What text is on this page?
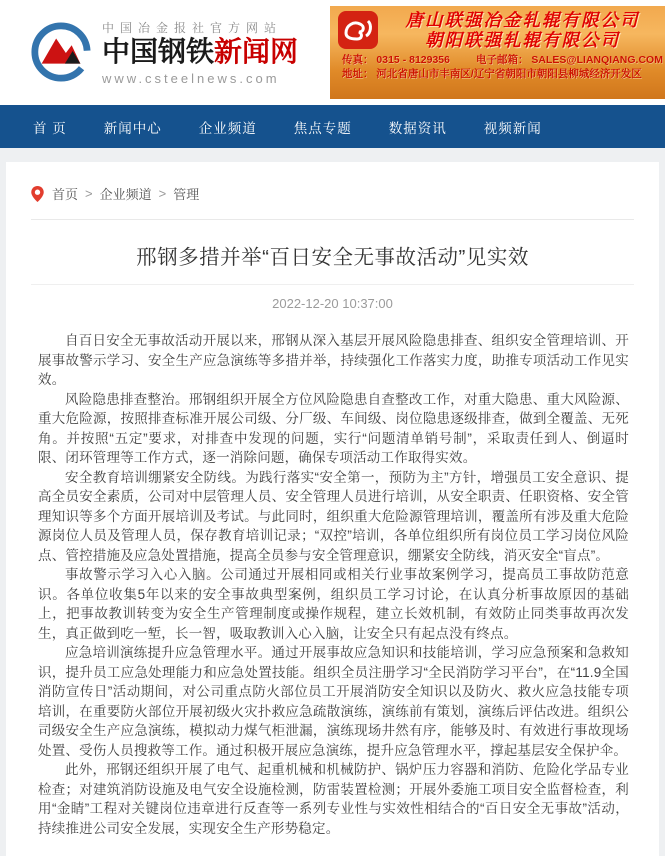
中国冶金报社官方网站
中国钢铁新闻网
www.csteelnews.com
唐山联强冶金轧辊有限公司
朝阳联强轧辊有限公司
传真： 0315 - 8129356 电子邮箱： SALES@LIANQIANG.COM
地址： 河北省唐山市丰南区/辽宁省朝阳市朝阳县柳城经济开发区
首 页	新闻中心	企业频道	焦点专题	数据资讯	视频新闻
首页 > 企业频道 > 管理
邢钢多措并举“百日安全无事故活动”见实效
2022-12-20 10:37:00

自百日安全无事故活动开展以来，邢钢从深入基层开展风险隐患排查、组织安全管理培训、开展事故警示学习、安全生产应急演练等多措并举，持续强化工作落实力度，助推专项活动工作见实效。

风险隐患排查整治。邢钢组织开展全方位风险隐患自查整改工作，对重大隐患、重大风险源、重大危险源，按照排查标准开展公司级、分厂级、车间级、岗位隐患逐级排查，做到全覆盖、无死角。并按照“五定”要求，对排查中发现的问题，实行“问题清单销号制”，采取责任到人、倒逼时限、闭环管理等工作方式，逐一消除问题，确保专项活动工作取得实效。

安全教育培训绷紧安全防线。为践行落实“安全第一，预防为主”方针，增强员工安全意识、提高全员安全素质，公司对中层管理人员、安全管理人员进行培训，从安全职责、任职资格、安全管理知识等多个方面开展培训及考试。与此同时，组织重大危险源管理培训，覆盖所有涉及重大危险源岗位人员及管理人员，保存教育培训记录；“双控”培训，各单位组织所有岗位员工学习岗位风险点、管控措施及应急处置措施，提高全员参与安全管理意识，绷紧安全防线，消灭安全“盲点”。

事故警示学习入心入脑。公司通过开展相同或相关行业事故案例学习，提高员工事故防范意识。各单位收集5年以来的安全事故典型案例，组织员工学习讨论，在认真分析事故原因的基础上，把事故教训转变为安全生产管理制度或操作规程，建立长效机制，有效防止同类事故再次发生，真正做到吃一堑，长一智，吸取教训入心入脑，让安全只有起点没有终点。

应急培训演练提升应急管理水平。通过开展事故应急知识和技能培训，学习应急预案和急救知识，提升员工应急处理能力和应急处置技能。组织全员注册学习“全民消防学习平台”，在“11.9全国消防宣传日”活动期间，对公司重点防火部位员工开展消防安全知识以及防火、救火应急技能专项培训，在重要防火部位开展初级火灾扑救应急疏散演练，演练前有策划，演练后评估改进。组织公司级安全生产应急演练，模拟动力煤气柜泄漏，演练现场井然有序，能够及时、有效进行事故现场处置、受伤人员搜救等工作。通过积极开展应急演练，提升应急管理水平，撑起基层安全保护伞。

此外，邢钢还组织开展了电气、起重机械和机械防护、锅炉压力容器和消防、危险化学品专业检查；对建筑消防设施及电气安全设施检测，防雷装置检测；开展外委施工项目安全监督检查，利用“金睛”工程对关键岗位违章进行反查等一系列专业性与实效性相结合的“百日安全无事故”活动，持续推进公司安全发展，实现安全生产形势稳定。
